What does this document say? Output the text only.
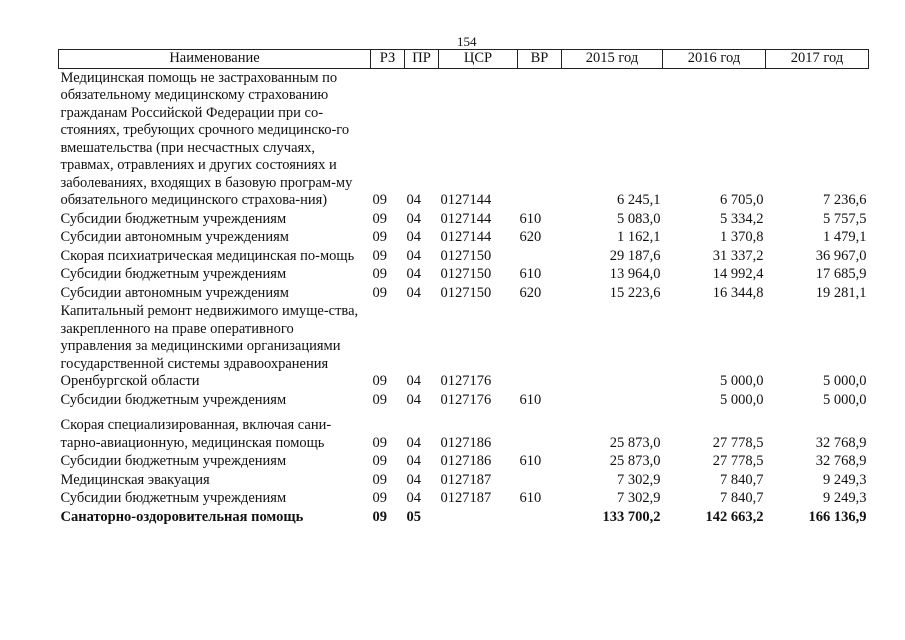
154
Наименование	РЗ	ПР	ЦСР	ВР	2015 год	2016 год	2017 год
Медицинская помощь не застрахованным по обязательному медицинскому страхованию гражданам Российской Федерации при со-стояниях, требующих срочного медицинско-го вмешательства (при несчастных случаях, травмах, отравлениях и других состояниях и заболеваниях, входящих в базовую програм-му обязательного медицинского страхова-ния)	09	04	0127144		6 245,1	6 705,0	7 236,6
Субсидии бюджетным учреждениям	09	04	0127144	610	5 083,0	5 334,2	5 757,5
Субсидии автономным учреждениям	09	04	0127144	620	1 162,1	1 370,8	1 479,1
Скорая психиатрическая медицинская по-мощь	09	04	0127150		29 187,6	31 337,2	36 967,0
Субсидии бюджетным учреждениям	09	04	0127150	610	13 964,0	14 992,4	17 685,9
Субсидии автономным учреждениям	09	04	0127150	620	15 223,6	16 344,8	19 281,1
Капитальный ремонт недвижимого имуще-ства, закрепленного на праве оперативного управления за медицинскими организациями государственной системы здравоохранения Оренбургской области	09	04	0127176			5 000,0	5 000,0
Субсидии бюджетным учреждениям	09	04	0127176	610		5 000,0	5 000,0
Скорая специализированная, включая сани-тарно-авиационную, медицинская помощь	09	04	0127186		25 873,0	27 778,5	32 768,9
Субсидии бюджетным учреждениям	09	04	0127186	610	25 873,0	27 778,5	32 768,9
Медицинская эвакуация	09	04	0127187		7 302,9	7 840,7	9 249,3
Субсидии бюджетным учреждениям	09	04	0127187	610	7 302,9	7 840,7	9 249,3
Санаторно-оздоровительная помощь	09	05			133 700,2	142 663,2	166 136,9
